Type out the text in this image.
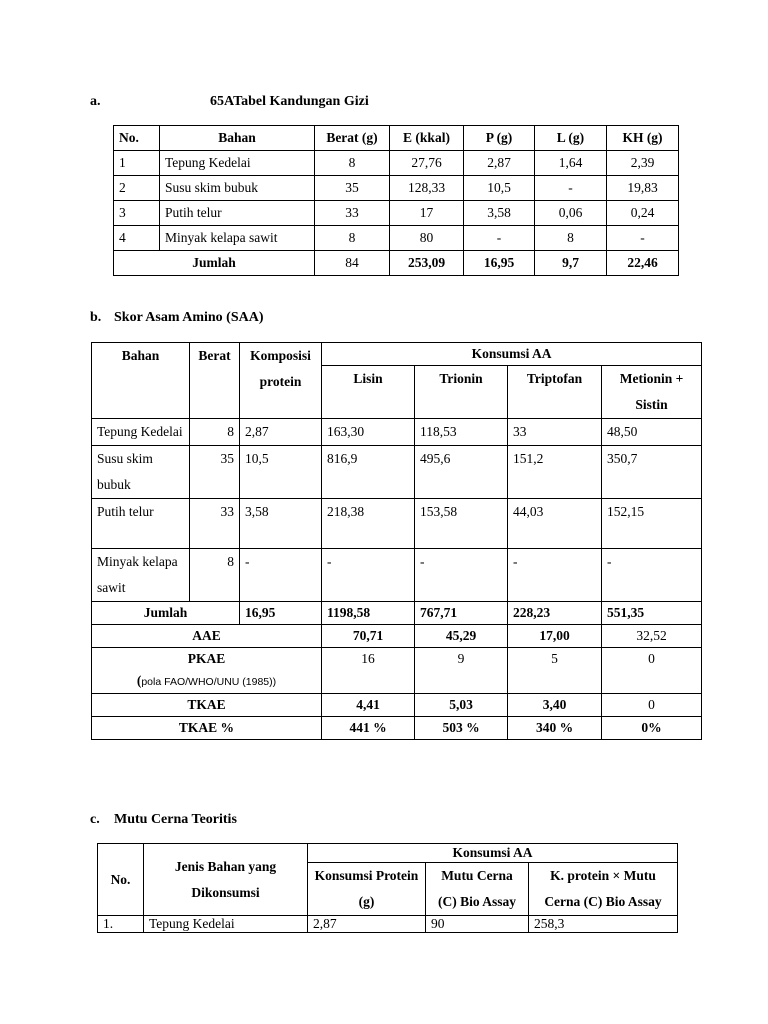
a.	65ATabel Kandungan Gizi
No.	Bahan	Berat (g)	E (kkal)	P (g)	L (g)	KH (g)
1	Tepung Kedelai	8	27,76	2,87	1,64	2,39
2	Susu skim bubuk	35	128,33	10,5	-	19,83
3	Putih telur	33	17	3,58	0,06	0,24
4	Minyak kelapa sawit	8	80	-	8	-
Jumlah		84	253,09	16,95	9,7	22,46
b. Skor Asam Amino (SAA)
Bahan	Berat	Komposisi protein	Konsumsi AA			
			Lisin	Trionin	Triptofan	Metionin + Sistin
Tepung Kedelai	8	2,87	163,30	118,53	33	48,50
Susu skim bubuk	35	10,5	816,9	495,6	151,2	350,7
Putih telur	33	3,58	218,38	153,58	44,03	152,15
Minyak kelapa sawit	8	-	-	-	-	-
Jumlah		16,95	1198,58	767,71	228,23	551,35
AAE			70,71	45,29	17,00	32,52

PKAE
(pola FAO/WHO/UNU (1985))			16	9	5	0
TKAE			4,41	5,03	3,40	0
TKAE %			441 %	503 %	340 %	0%
c. Mutu Cerna Teoritis
No.	Jenis Bahan yang Dikonsumsi	Konsumsi AA		
		Konsumsi Protein (g)	Mutu Cerna (C) Bio Assay	K. protein × Mutu Cerna (C) Bio Assay
1.	Tepung Kedelai	2,87	90	258,3
